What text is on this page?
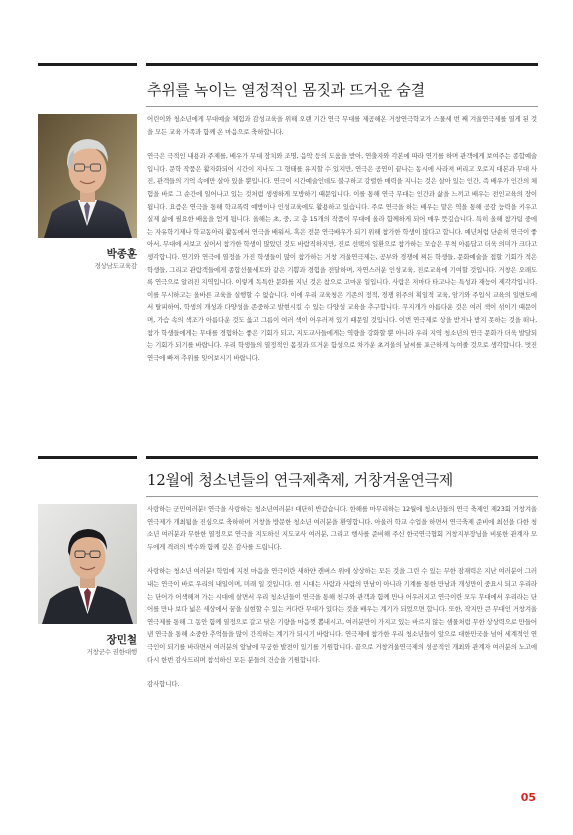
추위를 녹이는 열정적인 몸짓과 뜨거운 숨결
박종훈
경상남도교육감

어린이와 청소년에게 무대예술 체험과 감성교육을 위해 오랜 기간 연극 무대를 제공해온 거창연극학교가 스물세 번 째 겨울연극제를 열게 된 것을 모든 교육 가족과 함께 온 마음으로 축하합니다.

연극은 극적인 내용과 주제를, 배우가 무대 장치와 조명, 음악 등의 도움을 받아, 연출자와 각본에 따라 연기를 하며 관객에게 보여주는 종합예술입니다. 문학 작품은 활자화되어 시간이 지나도 그 형태를 유지할 수 있지만, 연극은 공연이 끝나는 동시에 사라져 버리고 오로지 대본과 무대 사진, 관객들의 기억 속에만 살아 있을 뿐입니다. 연극이 시간예술인데도 불구하고 강렬한 매력을 지니는 것은 살아 있는 인간, 즉 배우가 인간의 체험을 바로 그 순간에 일어나고 있는 것처럼 생생하게 모방하기 때문입니다. 이를 통해 연극 무대는 인간과 삶을 느끼고 배우는 전인교육의 장이 됩니다. 요즘은 연극을 통해 학교폭력 예방이나 인성교육에도 활용하고 있습니다. 주로 연극을 하는 배우는 맡은 역을 통해 공감 능력을 키우고 실제 삶에 필요한 배움을 얻게 됩니다. 올해는 초, 중, 고 총 15개의 작품이 무대에 올라 함께하게 되어 매우 뜻깊습니다. 특히 올해 참가팀 중에는 자유학기제나 학교동아리 활동에서 연극을 배워서, 혹은 전문 연극배우가 되기 위해 참가한 학생이 많다고 합니다. 예년처럼 단순히 연극이 좋아서, 무대에 서보고 싶어서 참가한 학생이 많았던 것도 바람직하지만, 진로 선택의 일환으로 참가하는 모습은 무척 아름답고 더욱 의미가 크다고 생각합니다. 연기와 연극에 열정을 가진 학생들이 많이 참가하는 거창 겨울연극제는, 공부와 경쟁에 찌든 학생들, 문화예술을 접할 기회가 적은 학생들, 그리고 관람객들에게 종합선물세트와 같은 기쁨과 경험을 전달하며, 자연스러운 인성교육, 진로교육에 기여할 것입니다. 거창은 오래도록 연극으로 알려진 지역입니다. 이렇게 독특한 문화를 지닌 것은 참으로 고마운 일입니다. 사람은 저마다 타고나는 특성과 재능이 제각각입니다. 이를 무시하고는 올바른 교육을 실행할 수 없습니다. 이에 우리 교육청은 기존의 정적, 경쟁 위주의 획일적 교육, 암기와 주입식 교육의 일변도에서 탈피하여, 학생의 개성과 다양성을 존중하고 발현시킬 수 있는 다양성 교육을 추구합니다. 무지개가 아름다운 것은 여러 색이 섞이기 때문이며, 가슴 속의 색조가 아름다운 것도 옳고 그름이 여러 색이 어우러져 있기 때문일 것입니다. 이번 연극제로 상을 받거나 받지 못하는 것을 떠나, 참가 학생들에게는 무대를 경험하는 좋은 기회가 되고, 지도교사들에게는 역량을 강화할 뿐 아니라 우리 지역 청소년의 연극 문화가 더욱 발달되는 기회가 되기를 바랍니다. 우리 학생들의 열정적인 몸짓과 뜨거운 함성으로 차가운 초겨울의 날씨를 포근하게 녹여줄 것으로 생각합니다. 멋진 연극에 빠져 추위를 잊어보시기 바랍니다.

12월에 청소년들의 연극제축제, 거창겨울연극제
장민철
거창군수 권한대행

사랑하는 군민여러분! 연극을 사랑하는 청소년여러분! 대단히 반갑습니다. 한해를 마무리하는 12월에 청소년들의 연극 축제인 제23회 거창겨울연극제가 개최됨을 진심으로 축하하며 거창을 방문한 청소년 여러분을 환영합니다. 아울러 학교 수업을 하면서 연극축제 준비에 최선을 다한 청소년 여러분과 무한한 열정으로 연극을 지도하신 지도교사 여러분, 그리고 행사를 준비해 주신 한국연극협회 거창지부장님을 비롯한 관계자 모두에게 격려의 박수와 함께 깊은 감사를 드립니다.

사랑하는 청소년 여러분! 학업에 지친 마음을 연극이란 새하얀 캔버스 위에 상상하는 모든 것을 그린 수 있는 무한 잠재력은 지난 여러분이 그러내는 연극이 바로 우리의 내일이며, 미래 일 것입니다. 현 시대는 사람과 사람의 만남이 아니라 기계를 통한 만남과 개성만이 중요시 되고 우리라는 단어가 어색해져 가는 시대에 살면서 우리 청소년들이 연극을 통해 친구와 관객과 함께 만나 어우러지고 연극이란 모두 무대에서 우리라는 단어를 만나 보다 넓은 세상에서 꿈을 실현할 수 있는 커다란 무대가 있다는 것을 배우는 계기가 되었으면 합니다. 또한, 작지만 큰 무대인 거창겨울연극제를 통해 그 동안 함께 열정으로 갈고 닦은 기량을 마음껏 뽐내시고, 여러분만이 가지고 있는 바르지 않는 샘물처럼 무한 상상력으로 만들어낸 연극을 통해 소중한 추억들을 많이 간직하는 계기가 되시기 바랍니다. 연극제에 참가한 우리 청소년들이 앞으로 대한민국을 넘어 세계적인 연극인이 되기를 바라면서 여러분의 앞날에 무궁한 발전이 있기를 기원합니다. 끝으로 거창겨울연극제의 성공적인 개최와 관계자 여러분의 노고에 다시 한번 감사드리며 참석하신 모든 분들의 건승을 기원합니다.

감사합니다.

05
